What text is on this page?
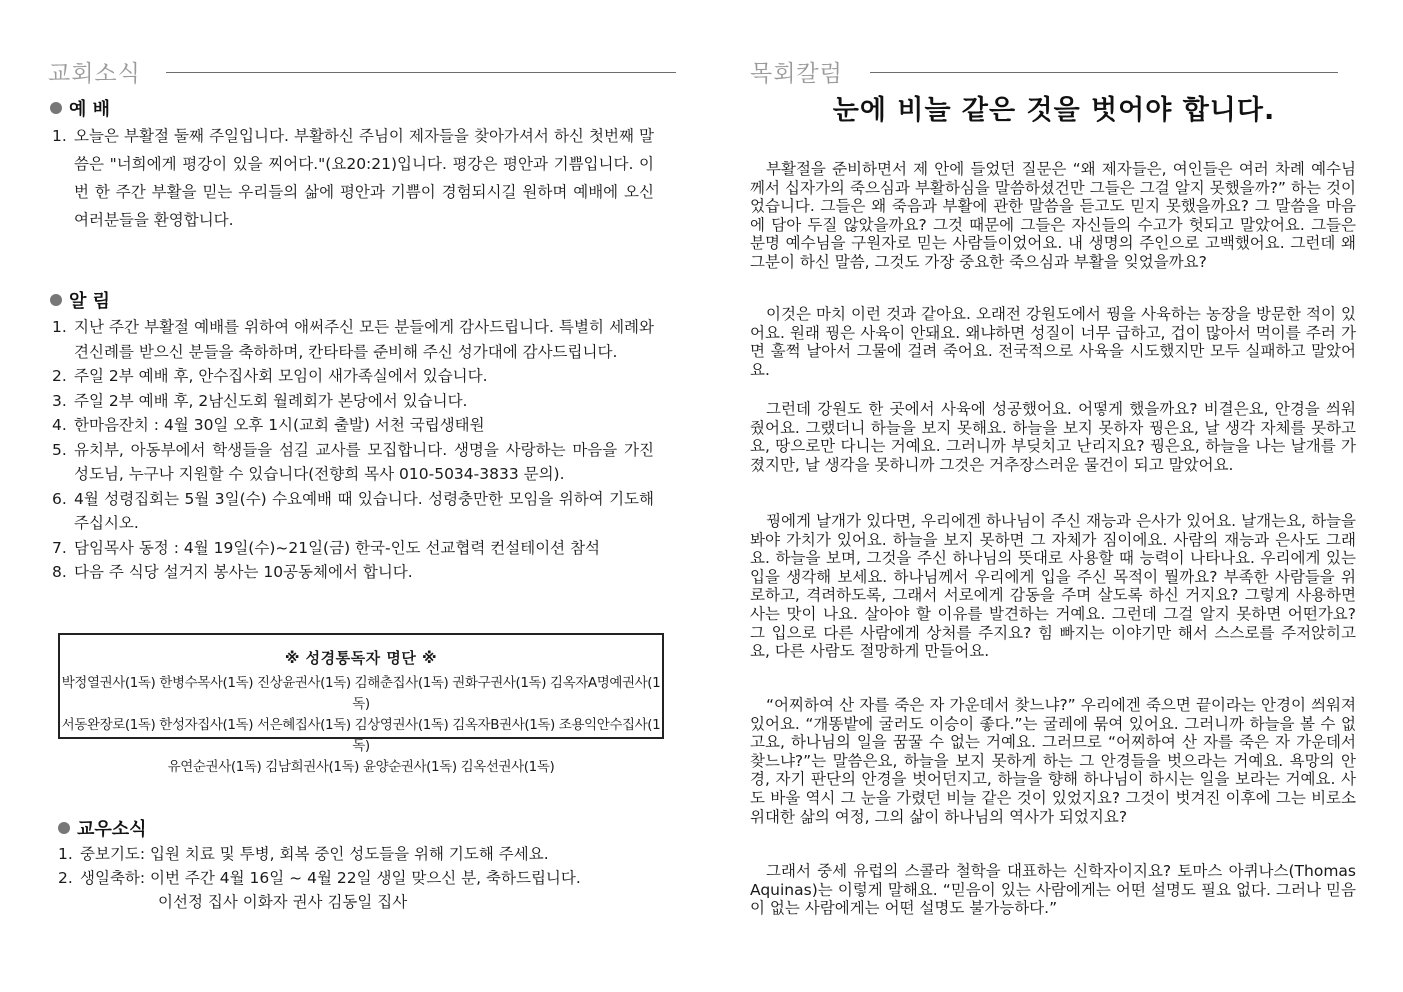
교회소식
예 배
1. 오늘은 부활절 둘째 주일입니다. 부활하신 주님이 제자들을 찾아가셔서 하신 첫번째 말씀은 "너희에게 평강이 있을 찌어다."(요20:21)입니다. 평강은 평안과 기쁨입니다. 이번 한 주간 부활을 믿는 우리들의 삶에 평안과 기쁨이 경험되시길 원하며 예배에 오신 여러분들을 환영합니다.
알 림
1. 지난 주간 부활절 예배를 위하여 애써주신 모든 분들에게 감사드립니다. 특별히 세례와 견신례를 받으신 분들을 축하하며, 칸타타를 준비해 주신 성가대에 감사드립니다.
2. 주일 2부 예배 후, 안수집사회 모임이 새가족실에서 있습니다.
3. 주일 2부 예배 후, 2남신도회 월례회가 본당에서 있습니다.
4. 한마음잔치 : 4월 30일 오후 1시(교회 출발) 서천 국립생태원
5. 유치부, 아동부에서 학생들을 섬길 교사를 모집합니다. 생명을 사랑하는 마음을 가진 성도님, 누구나 지원할 수 있습니다(전향희 목사 010-5034-3833 문의).
6. 4월 성령집회는 5월 3일(수) 수요예배 때 있습니다. 성령충만한 모임을 위하여 기도해 주십시오.
7. 담임목사 동정 : 4월 19일(수)~21일(금) 한국-인도 선교협력 컨설테이션 참석
8. 다음 주 식당 설거지 봉사는 10공동체에서 합니다.
※ 성경통독자 명단 ※
박정열권사(1독) 한병수목사(1독) 진상윤권사(1독) 김해춘집사(1독) 권화구권사(1독) 김옥자A명예권사(1독)
서동완장로(1독) 한성자집사(1독) 서은혜집사(1독) 김상영권사(1독) 김옥자B권사(1독) 조용익안수집사(1독)
유연순권사(1독) 김남희권사(1독) 윤양순권사(1독) 김옥선권사(1독)
교우소식
1. 중보기도: 입원 치료 및 투병, 회복 중인 성도들을 위해 기도해 주세요.
2. 생일축하: 이번 주간 4월 16일 ~ 4월 22일 생일 맞으신 분, 축하드립니다.
이선정 집사 이화자 권사 김동일 집사
목회칼럼
눈에 비늘 같은 것을 벗어야 합니다.

부활절을 준비하면서 제 안에 들었던 질문은 “왜 제자들은, 여인들은 여러 차례 예수님께서 십자가의 죽으심과 부활하심을 말씀하셨건만 그들은 그걸 알지 못했을까?” 하는 것이었습니다. 그들은 왜 죽음과 부활에 관한 말씀을 듣고도 믿지 못했을까요? 그 말씀을 마음에 담아 두질 않았을까요? 그것 때문에 그들은 자신들의 수고가 헛되고 말았어요. 그들은 분명 예수님을 구원자로 믿는 사람들이었어요. 내 생명의 주인으로 고백했어요. 그런데 왜 그분이 하신 말씀, 그것도 가장 중요한 죽으심과 부활을 잊었을까요?

이것은 마치 이런 것과 같아요. 오래전 강원도에서 꿩을 사육하는 농장을 방문한 적이 있어요. 원래 꿩은 사육이 안돼요. 왜냐하면 성질이 너무 급하고, 겁이 많아서 먹이를 주러 가면 훌쩍 날아서 그물에 걸려 죽어요. 전국적으로 사육을 시도했지만 모두 실패하고 말았어요.

그런데 강원도 한 곳에서 사육에 성공했어요. 어떻게 했을까요? 비결은요, 안경을 씌워줬어요. 그랬더니 하늘을 보지 못해요. 하늘을 보지 못하자 꿩은요, 날 생각 자체를 못하고요, 땅으로만 다니는 거예요. 그러니까 부딪치고 난리지요? 꿩은요, 하늘을 나는 날개를 가졌지만, 날 생각을 못하니까 그것은 거추장스러운 물건이 되고 말았어요.

꿩에게 날개가 있다면, 우리에겐 하나님이 주신 재능과 은사가 있어요. 날개는요, 하늘을 봐야 가치가 있어요. 하늘을 보지 못하면 그 자체가 짐이에요. 사람의 재능과 은사도 그래요. 하늘을 보며, 그것을 주신 하나님의 뜻대로 사용할 때 능력이 나타나요. 우리에게 있는 입을 생각해 보세요. 하나님께서 우리에게 입을 주신 목적이 뭘까요? 부족한 사람들을 위로하고, 격려하도록, 그래서 서로에게 감동을 주며 살도록 하신 거지요? 그렇게 사용하면 사는 맛이 나요. 살아야 할 이유를 발견하는 거예요. 그런데 그걸 알지 못하면 어떤가요? 그 입으로 다른 사람에게 상처를 주지요? 힘 빠지는 이야기만 해서 스스로를 주저앉히고요, 다른 사람도 절망하게 만들어요.

“어찌하여 산 자를 죽은 자 가운데서 찾느냐?” 우리에겐 죽으면 끝이라는 안경이 씌워져 있어요. “개똥밭에 굴러도 이승이 좋다.”는 굴레에 묶여 있어요. 그러니까 하늘을 볼 수 없고요, 하나님의 일을 꿈꿀 수 없는 거예요. 그러므로 “어찌하여 산 자를 죽은 자 가운데서 찾느냐?”는 말씀은요, 하늘을 보지 못하게 하는 그 안경들을 벗으라는 거예요. 욕망의 안경, 자기 판단의 안경을 벗어던지고, 하늘을 향해 하나님이 하시는 일을 보라는 거예요. 사도 바울 역시 그 눈을 가렸던 비늘 같은 것이 있었지요? 그것이 벗겨진 이후에 그는 비로소 위대한 삶의 여정, 그의 삶이 하나님의 역사가 되었지요?

그래서 중세 유럽의 스콜라 철학을 대표하는 신학자이지요? 토마스 아퀴나스(Thomas Aquinas)는 이렇게 말해요. “믿음이 있는 사람에게는 어떤 설명도 필요 없다. 그러나 믿음이 없는 사람에게는 어떤 설명도 불가능하다.”
